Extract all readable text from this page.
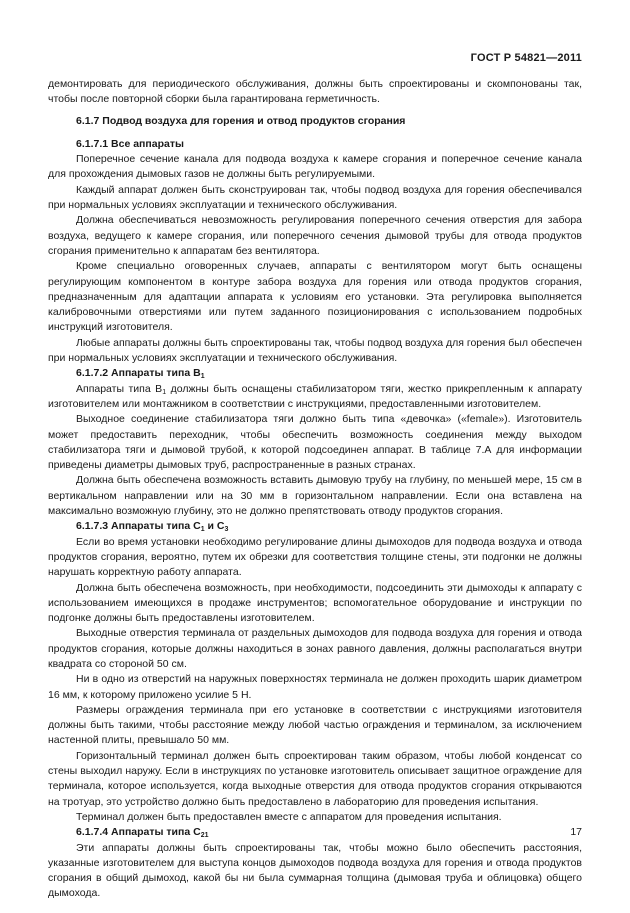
ГОСТ Р 54821—2011

демонтировать для периодического обслуживания, должны быть спроектированы и скомпонованы так, чтобы после повторной сборки была гарантирована герметичность.

6.1.7 Подвод воздуха для горения и отвод продуктов сгорания

6.1.7.1 Все аппараты

Поперечное сечение канала для подвода воздуха к камере сгорания и поперечное сечение канала для прохождения дымовых газов не должны быть регулируемыми.

Каждый аппарат должен быть сконструирован так, чтобы подвод воздуха для горения обеспечивался при нормальных условиях эксплуатации и технического обслуживания.

Должна обеспечиваться невозможность регулирования поперечного сечения отверстия для забора воздуха, ведущего к камере сгорания, или поперечного сечения дымовой трубы для отвода продуктов сгорания применительно к аппаратам без вентилятора.

Кроме специально оговоренных случаев, аппараты с вентилятором могут быть оснащены регулирующим компонентом в контуре забора воздуха для горения или отвода продуктов сгорания, предназначенным для адаптации аппарата к условиям его установки. Эта регулировка выполняется калибровочными отверстиями или путем заданного позиционирования с использованием подробных инструкций изготовителя.

Любые аппараты должны быть спроектированы так, чтобы подвод воздуха для горения был обеспечен при нормальных условиях эксплуатации и технического обслуживания.

6.1.7.2 Аппараты типа $В_1$

Аппараты типа $В_1$ должны быть оснащены стабилизатором тяги, жестко прикрепленным к аппарату изготовителем или монтажником в соответствии с инструкциями, предоставленными изготовителем.

Выходное соединение стабилизатора тяги должно быть типа «девочка» («female»). Изготовитель может предоставить переходник, чтобы обеспечить возможность соединения между выходом стабилизатора тяги и дымовой трубой, к которой подсоединен аппарат. В таблице 7.А для информации приведены диаметры дымовых труб, распространенные в разных странах.

Должна быть обеспечена возможность вставить дымовую трубу на глубину, по меньшей мере, 15 см в вертикальном направлении или на 30 мм в горизонтальном направлении. Если она вставлена на максимально возможную глубину, это не должно препятствовать отводу продуктов сгорания.

6.1.7.3 Аппараты типа $С_1$ и $С_3$

Если во время установки необходимо регулирование длины дымоходов для подвода воздуха и отвода продуктов сгорания, вероятно, путем их обрезки для соответствия толщине стены, эти подгонки не должны нарушать корректную работу аппарата.

Должна быть обеспечена возможность, при необходимости, подсоединить эти дымоходы к аппарату с использованием имеющихся в продаже инструментов; вспомогательное оборудование и инструкции по подгонке должны быть предоставлены изготовителем.

Выходные отверстия терминала от раздельных дымоходов для подвода воздуха для горения и отвода продуктов сгорания, которые должны находиться в зонах равного давления, должны располагаться внутри квадрата со стороной 50 см.

Ни в одно из отверстий на наружных поверхностях терминала не должен проходить шарик диаметром 16 мм, к которому приложено усилие 5 Н.

Размеры ограждения терминала при его установке в соответствии с инструкциями изготовителя должны быть такими, чтобы расстояние между любой частью ограждения и терминалом, за исключением настенной плиты, превышало 50 мм.

Горизонтальный терминал должен быть спроектирован таким образом, чтобы любой конденсат со стены выходил наружу. Если в инструкциях по установке изготовитель описывает защитное ограждение для терминала, которое используется, когда выходные отверстия для отвода продуктов сгорания открываются на тротуар, это устройство должно быть предоставлено в лабораторию для проведения испытания.

Терминал должен быть предоставлен вместе с аппаратом для проведения испытания.

6.1.7.4 Аппараты типа $С_{21}$

Эти аппараты должны быть спроектированы так, чтобы можно было обеспечить расстояния, указанные изготовителем для выступа концов дымоходов подвода воздуха для горения и отвода продуктов сгорания в общий дымоход, какой бы ни была суммарная толщина (дымовая труба и облицовка) общего дымохода.

17
